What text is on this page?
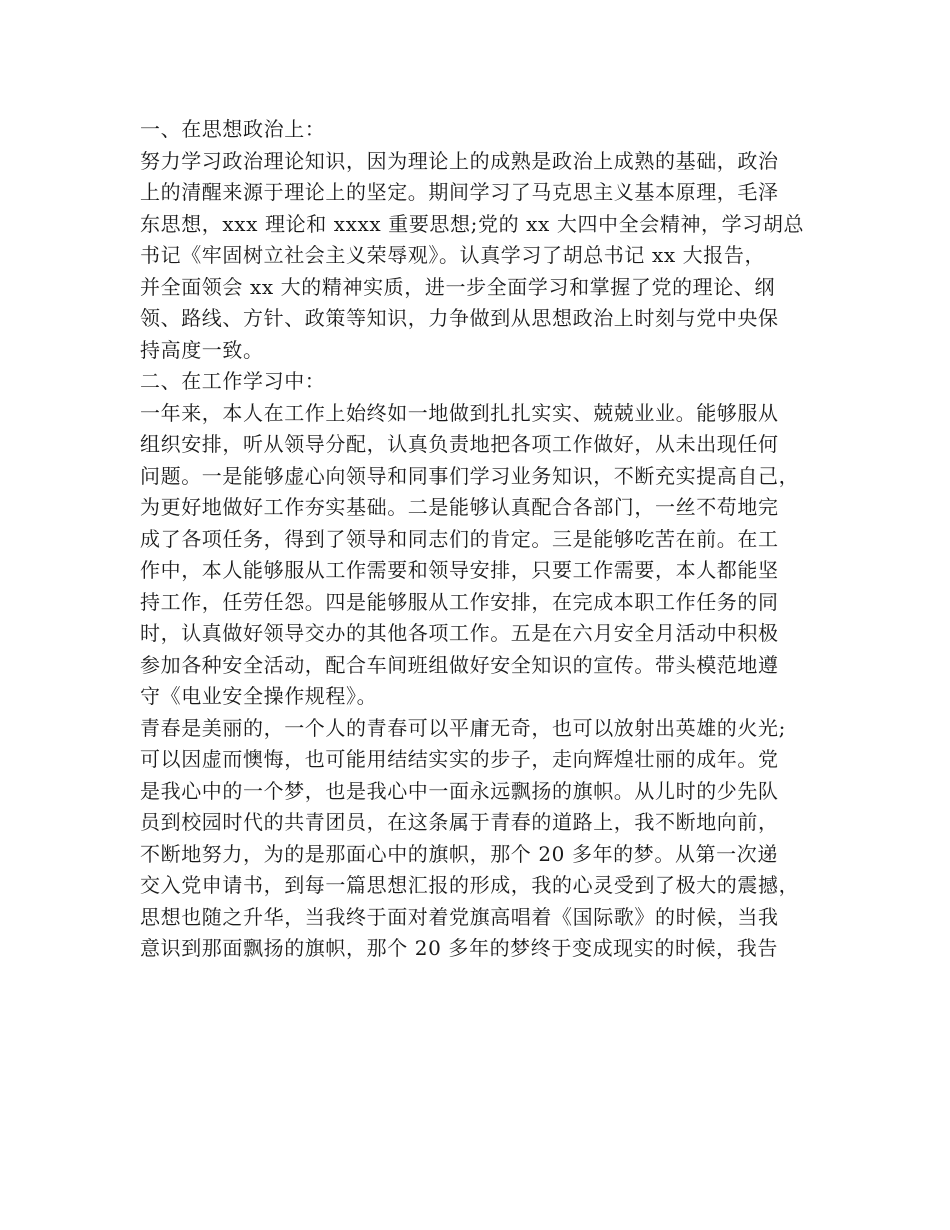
一、在思想政治上：
努力学习政治理论知识，因为理论上的成熟是政治上成熟的基础，政治
上的清醒来源于理论上的坚定。期间学习了马克思主义基本原理，毛泽
东思想，xxx 理论和 xxxx 重要思想;党的 xx 大四中全会精神，学习胡总
书记《牢固树立社会主义荣辱观》。认真学习了胡总书记 xx 大报告，
并全面领会 xx 大的精神实质，进一步全面学习和掌握了党的理论、纲
领、路线、方针、政策等知识，力争做到从思想政治上时刻与党中央保
持高度一致。
二、在工作学习中：
一年来，本人在工作上始终如一地做到扎扎实实、兢兢业业。能够服从
组织安排，听从领导分配，认真负责地把各项工作做好，从未出现任何
问题。一是能够虚心向领导和同事们学习业务知识，不断充实提高自己，
为更好地做好工作夯实基础。二是能够认真配合各部门，一丝不苟地完
成了各项任务，得到了领导和同志们的肯定。三是能够吃苦在前。在工
作中，本人能够服从工作需要和领导安排，只要工作需要，本人都能坚
持工作，任劳任怨。四是能够服从工作安排，在完成本职工作任务的同
时，认真做好领导交办的其他各项工作。五是在六月安全月活动中积极
参加各种安全活动，配合车间班组做好安全知识的宣传。带头模范地遵
守《电业安全操作规程》。
青春是美丽的，一个人的青春可以平庸无奇，也可以放射出英雄的火光;
可以因虚而懊悔，也可能用结结实实的步子，走向辉煌壮丽的成年。党
是我心中的一个梦，也是我心中一面永远飘扬的旗帜。从儿时的少先队
员到校园时代的共青团员，在这条属于青春的道路上，我不断地向前，
不断地努力，为的是那面心中的旗帜，那个 20 多年的梦。从第一次递
交入党申请书，到每一篇思想汇报的形成，我的心灵受到了极大的震撼，
思想也随之升华，当我终于面对着党旗高唱着《国际歌》的时候，当我
意识到那面飘扬的旗帜，那个 20 多年的梦终于变成现实的时候，我告
